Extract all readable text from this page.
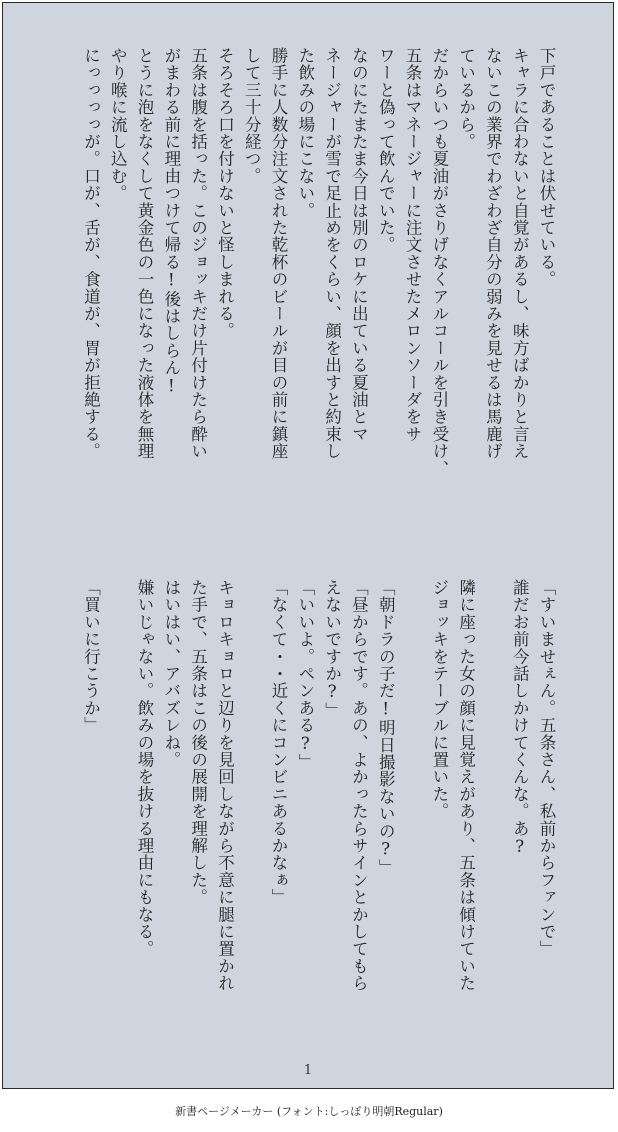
下戸であることは伏せている。
キャラに合わないと自覚があるし、味方ばかりと言え
ないこの業界でわざわざ自分の弱みを見せるは馬鹿げ
ているから。
だからいつも夏油がさりげなくアルコールを引き受け、
五条はマネージャーに注文させたメロンソーダをサ
ワーと偽って飲んでいた。
なのにたまたま今日は別のロケに出ている夏油とマ
ネージャーが雪で足止めをくらい、顔を出すと約束し
た飲みの場にこない。
勝手に人数分注文された乾杯のビールが目の前に鎮座
して三十分経つ。
そろそろ口を付けないと怪しまれる。
五条は腹を括った。このジョッキだけ片付けたら酔い
がまわる前に理由つけて帰る!後はしらん!
とうに泡をなくして黄金色の一色になった液体を無理
やり喉に流し込む。
にっっっっが。口が、舌が、食道が、胃が拒絶する。
「すいませぇん。五条さん、私前からファンで」
誰だお前今話しかけてくんな。あ?

隣に座った女の顔に見覚えがあり、五条は傾けていた
ジョッキをテーブルに置いた。

「朝ドラの子だ!明日撮影ないの?」
「昼からです。あの、よかったらサインとかしてもら
えないですか?」
「いいよ。ペンある?」
「なくて・・近くにコンビニあるかなぁ」

キョロキョロと辺りを見回しながら不意に腿に置かれ
た手で、五条はこの後の展開を理解した。
はいはい、アバズレね。
嫌いじゃない。飲みの場を抜ける理由にもなる。

「買いに行こうか」
1
新書ページメーカー (フォント:しっぽり明朝Regular)
